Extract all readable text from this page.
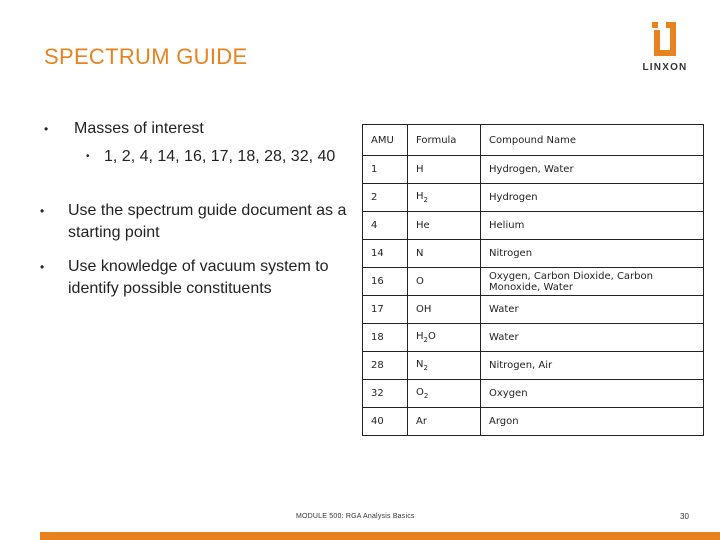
SPECTRUM GUIDE	LINXON
• Masses of interest
• 1, 2, 4, 14, 16, 17, 18, 28, 32, 40
• Use the spectrum guide document as a starting point
• Use knowledge of vacuum system to identify possible constituents
AMU	Formula	Compound Name
1	H	Hydrogen, Water
2	$H_2$	Hydrogen
4	He	Helium
14	N	Nitrogen
16	O	Oxygen, Carbon Dioxide, Carbon Monoxide, Water
17	OH	Water
18	$H_2O$	Water
28	$N_2$	Nitrogen, Air
32	$O_2$	Oxygen
40	Ar	Argon
MODULE 500: RGA Analysis Basics	30
